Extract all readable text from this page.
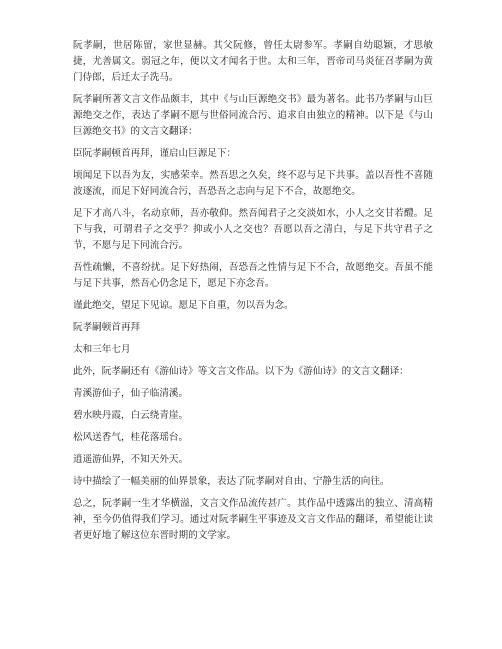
阮孝嗣，世居陈留，家世显赫。其父阮修，曾任太尉参军。孝嗣自幼聪颖，才思敏捷，尤善属文。弱冠之年，便以文才闻名于世。太和三年，晋帝司马炎征召孝嗣为黄门侍郎，后迁太子洗马。

阮孝嗣所著文言文作品颇丰，其中《与山巨源绝交书》最为著名。此书乃孝嗣与山巨源绝交之作，表达了孝嗣不愿与世俗同流合污、追求自由独立的精神。以下是《与山巨源绝交书》的文言文翻译：

臣阮孝嗣顿首再拜，谨启山巨源足下：

顷闻足下以吾为友，实感荣幸。然吾思之久矣，终不忍与足下共事。盖以吾性不喜随波逐流，而足下好同流合污，吾恐吾之志向与足下不合，故愿绝交。

足下才高八斗，名动京师，吾亦敬仰。然吾闻君子之交淡如水，小人之交甘若醴。足下与我，可谓君子之交乎？抑或小人之交也？吾愿以吾之清白，与足下共守君子之节，不愿与足下同流合污。

吾性疏懒，不喜纷扰。足下好热闹，吾恐吾之性情与足下不合，故愿绝交。吾虽不能与足下共事，然吾心仍念足下，愿足下亦念吾。

谨此绝交，望足下见谅。愿足下自重，勿以吾为念。

阮孝嗣顿首再拜

太和三年七月

此外，阮孝嗣还有《游仙诗》等文言文作品。以下为《游仙诗》的文言文翻译：

青溪游仙子，仙子临清溪。

碧水映丹霞，白云绕青崖。

松风送香气，桂花落瑶台。

逍遥游仙界，不知天外天。

诗中描绘了一幅美丽的仙界景象，表达了阮孝嗣对自由、宁静生活的向往。

总之，阮孝嗣一生才华横溢，文言文作品流传甚广。其作品中透露出的独立、清高精神，至今仍值得我们学习。通过对阮孝嗣生平事迹及文言文作品的翻译，希望能让读者更好地了解这位东晋时期的文学家。
